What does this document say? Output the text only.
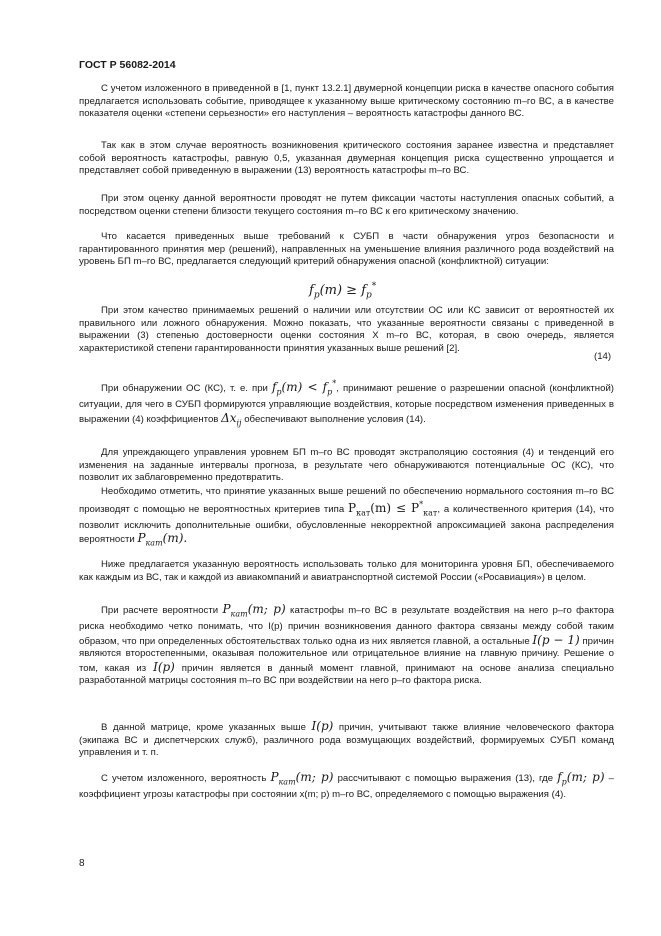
ГОСТ Р 56082-2014

С учетом изложенного в приведенной в [1, пункт 13.2.1] двумерной концепции риска в качестве опасного события предлагается использовать событие, приводящее к указанному выше критическому состоянию m–го ВС, а в качестве показателя оценки «степени серьезности» его наступления – вероятность катастрофы данного ВС.

Так как в этом случае вероятность возникновения критического состояния заранее известна и представляет собой вероятность катастрофы, равную 0,5, указанная двумерная концепция риска существенно упрощается и представляет собой приведенную в выражении (13) вероятность катастрофы m–го ВС.

При этом оценку данной вероятности проводят не путем фиксации частоты наступления опасных событий, а посредством оценки степени близости текущего состояния m–го ВС к его критическому значению.

Что касается приведенных выше требований к СУБП в части обнаружения угроз безопасности и гарантированного принятия мер (решений), направленных на уменьшение влияния различного рода воздействий на уровень БП m–го ВС, предлагается следующий критерий обнаружения опасной (конфликтной) ситуации:

$f_p(m) \ge f_p^*$
(14)

При этом качество принимаемых решений о наличии или отсутствии ОС или КС зависит от вероятностей их правильного или ложного обнаружения. Можно показать, что указанные вероятности связаны с приведенной в выражении (3) степенью достоверности оценки состояния X m–го ВС, которая, в свою очередь, является характеристикой степени гарантированности принятия указанных выше решений [2].

При обнаружении ОС (КС), т. е. при $f_p(m) < f_p^*$, принимают решение о разрешении опасной (конфликтной) ситуации, для чего в СУБП формируются управляющие воздействия, которые посредством изменения приведенных в выражении (4) коэффициентов $\Delta x_{ij}$ обеспечивают выполнение условия (14).

Для упреждающего управления уровнем БП m–го ВС проводят экстраполяцию состояния (4) и тенденций его изменения на заданные интервалы прогноза, в результате чего обнаруживаются потенциальные ОС (КС), что позволит их заблаговременно предотвратить.

Необходимо отметить, что принятие указанных выше решений по обеспечению нормального состояния m–го ВС производят с помощью не вероятностных критериев типа $P_{кат}(m) \le P^*_{кат}$, а количественного критерия (14), что позволит исключить дополнительные ошибки, обусловленные некорректной апроксимацией закона распределения вероятности $P_{кат}(m)$.

Ниже предлагается указанную вероятность использовать только для мониторинга уровня БП, обеспечиваемого как каждым из ВС, так и каждой из авиакомпаний и авиатранспортной системой России («Росавиация») в целом.

При расчете вероятности $P_{кат}(m$; p) катастрофы m–го ВС в результате воздействия на него р–го фактора риска необходимо четко понимать, что I(р) причин возникновения данного фактора связаны между собой таким образом, что при определенных обстоятельствах только одна из них является главной, а остальные I(p − 1) причин являются второстепенными, оказывая положительное или отрицательное влияние на главную причину. Решение о том, какая из I(p) причин является в данный момент главной, принимают на основе анализа специально разработанной матрицы состояния m–го ВС при воздействии на него р–го фактора риска.
В данной матрице, кроме указанных выше I(p) причин, учитывают также влияние человеческого фактора (экипажа ВС и диспетчерских служб), различного рода возмущающих воздействий, формируемых СУБП команд управления и т. п.
С учетом изложенного, вероятность $P_{кат}(m$; p) рассчитывают с помощью выражения (13), где $f_p(m$; p) – коэффициент угрозы катастрофы при состоянии x(m; р) m–го ВС, определяемого с помощью выражения (4).
8
